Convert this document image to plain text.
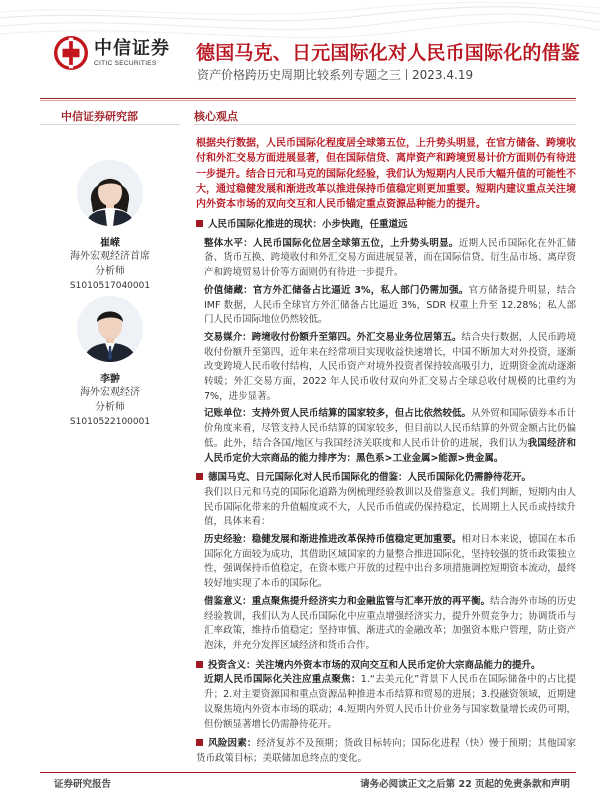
中信证券
CITIC SECURITIES	德国马克、日元国际化对人民币国际化的借鉴
资产价格跨历史周期比较系列专题之三 2023.4.19
中信证券研究部
崔嵘
海外宏观经济首席
分析师
S1010517040001
李翀
海外宏观经济
分析师
S1010522100001
核心观点
根据央行数据，人民币国际化程度居全球第五位，上升势头明显，在官方储备、跨境收付和外汇交易方面进展显著，但在国际信贷、离岸资产和跨境贸易计价方面则仍有待进一步提升。结合日元和马克的国际化经验，我们认为短期内人民币大幅升值的可能性不大，通过稳健发展和渐进改革以推进保持币值稳定则更加重要。短期内建议重点关注境内外资本市场的双向交互和人民币锚定重点资源品种能力的提升。
人民币国际化推进的现状：小步快跑，任重道远
整体水平：人民币国际化位居全球第五位，上升势头明显。近期人民币国际化在外汇储备、货币互换、跨境收付和外汇交易方面进展显著，而在国际信贷、衍生品市场、离岸资产和跨境贸易计价等方面则仍有待进一步提升。
价值储藏：官方外汇储备占比逼近 3%，私人部门仍需加强。官方储备提升明显，结合 IMF 数据，人民币全球官方外汇储备占比逼近 3%，SDR 权重上升至 12.28%；私人部门人民币国际地位仍然较低。
交易媒介：跨境收付份额升至第四。外汇交易业务位居第五。结合央行数据，人民币跨境收付份额升至第四，近年来在经常项目实现收益快速增长，中国不断加大对外投资，逐渐改变跨境人民币收付结构，人民币资产对境外投资者保持较高吸引力，近期资金流动逐渐转暖；外汇交易方面，2022 年人民币收付双向外汇交易占全球总收付规模的比重约为 7%，进步显著。
记账单位：支持外贸人民币结算的国家较多，但占比依然较低。从外贸和国际债券本币计价角度来看，尽管支持人民币结算的国家较多，但目前以人民币结算的外贸金额占比仍偏低。此外，结合各国/地区与我国经济关联度和人民币计价的进展，我们认为我国经济和人民币定价大宗商品的能力排序为：黑色系>工业金属>能源>贵金属。
德国马克、日元国际化对人民币国际化的借鉴：人民币国际化仍需静待花开。
我们以日元和马克的国际化道路为例梳理经验教训以及借鉴意义。我们判断，短期内由人民币国际化带来的升值幅度或不大，人民币币值或仍保持稳定，长周期上人民币或持续升值，具体来看：
历史经验：稳健发展和渐进推进改革保持币值稳定更加重要。相对日本来说，德国在本币国际化方面较为成功，其借助区域国家的力量整合推进国际化，坚持较强的货币政策独立性，强调保持币值稳定，在资本账户开放的过程中出台多项措施调控短期资本流动，最终较好地实现了本币的国际化。
借鉴意义：重点聚焦提升经济实力和金融监管与汇率开放的再平衡。结合海外市场的历史经验教训，我们认为人民币国际化中应重点增强经济实力，提升外贸竞争力；协调货币与汇率政策，维持币值稳定；坚持审慎、渐进式的金融改革；加强资本账户管理，防止资产泡沫，并充分发挥区域经济和货币合作。
投资含义：关注境内外资本市场的双向交互和人民币定价大宗商品能力的提升。
近期人民币国际化关注应重点聚焦：1.“去美元化”背景下人民币在国际储备中的占比提升；2.对主要资源国和重点资源品种推进本币结算和贸易的进展；3.投融资领域，近期建议聚焦境内外资本市场的联动；4.短期内外贸人民币计价业务与国家数量增长或仍可期，但份额显著增长仍需静待花开。
风险因素：经济复苏不及预期；货政目标转向；国际化进程（快）慢于预期；其他国家货币政策目标；美联储加息终点的变化。
证券研究报告	请务必阅读正文之后第 22 页起的免责条款和声明
